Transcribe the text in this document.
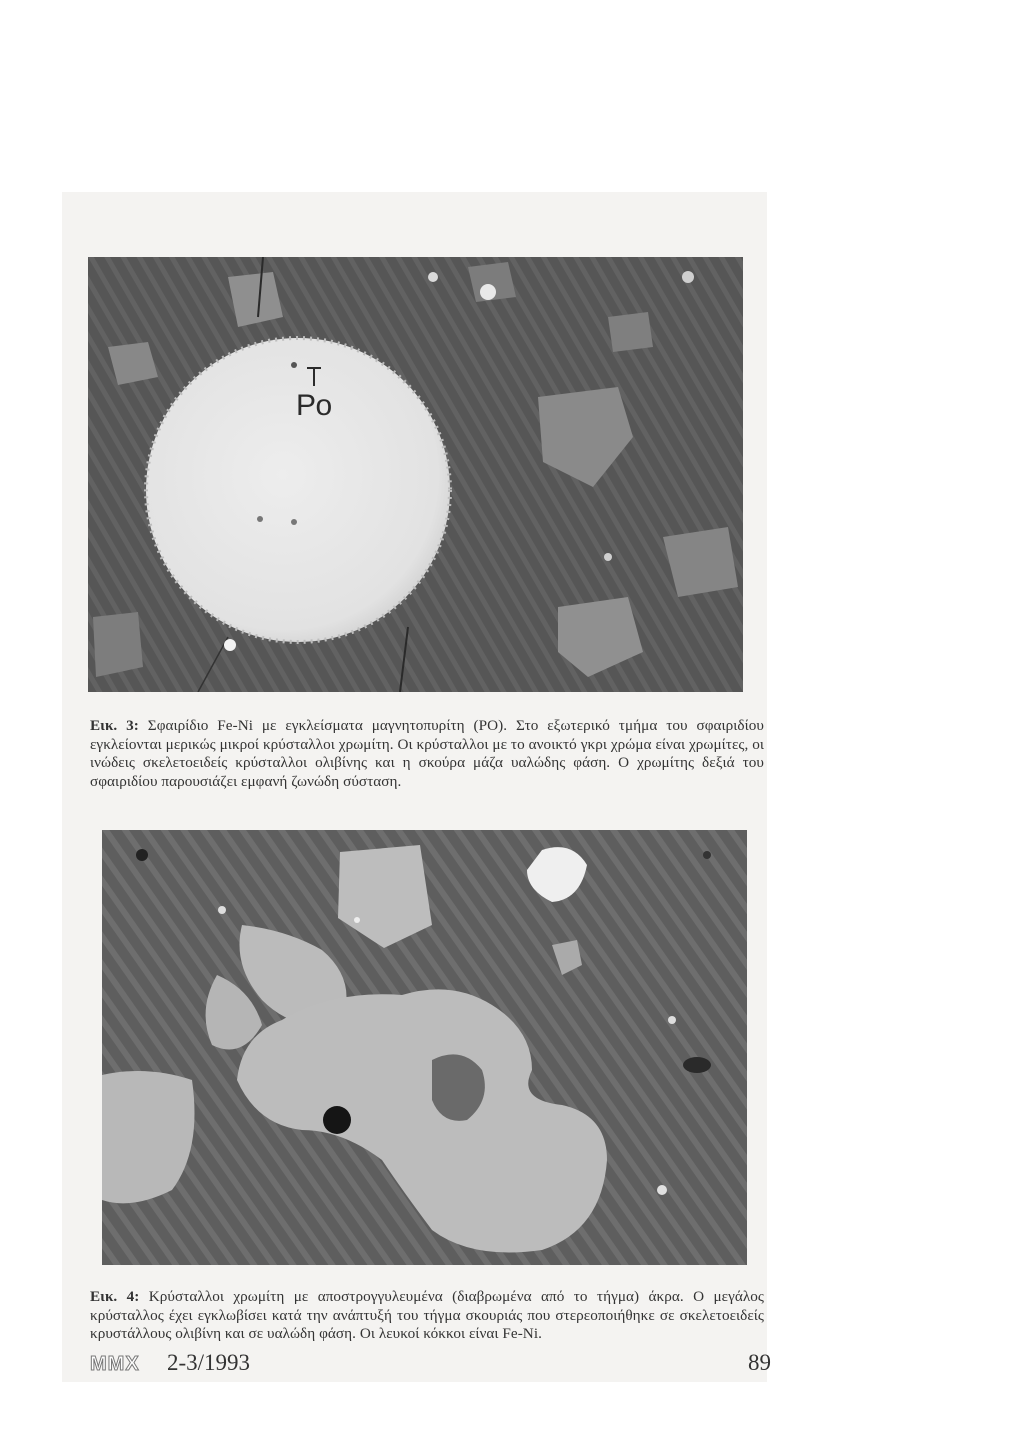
Po
Εικ. 3: Σφαιρίδιο Fe-Ni με εγκλείσματα μαγνητοπυρίτη (PO). Στο εξωτερικό τμήμα του σφαιριδίου εγκλείονται μερικώς μικροί κρύσταλλοι χρωμίτη. Οι κρύσταλλοι με το ανοικτό γκρι χρώμα είναι χρωμίτες, οι ινώδεις σκελετοειδείς κρύσταλλοι ολιβίνης και η σκούρα μάζα υαλώδης φάση. Ο χρωμίτης δεξιά του σφαιριδίου παρουσιάζει εμφανή ζωνώδη σύσταση.
Εικ. 4: Κρύσταλλοι χρωμίτη με αποστρογγυλευμένα (διαβρωμένα από το τήγμα) άκρα. Ο μεγάλος κρύσταλλος έχει εγκλωβίσει κατά την ανάπτυξή του τήγμα σκουριάς που στερεοποιήθηκε σε σκελετοειδείς κρυστάλλους ολιβίνη και σε υαλώδη φάση. Οι λευκοί κόκκοι είναι Fe-Ni.
ΜΜΧ 2-3/1993	89
